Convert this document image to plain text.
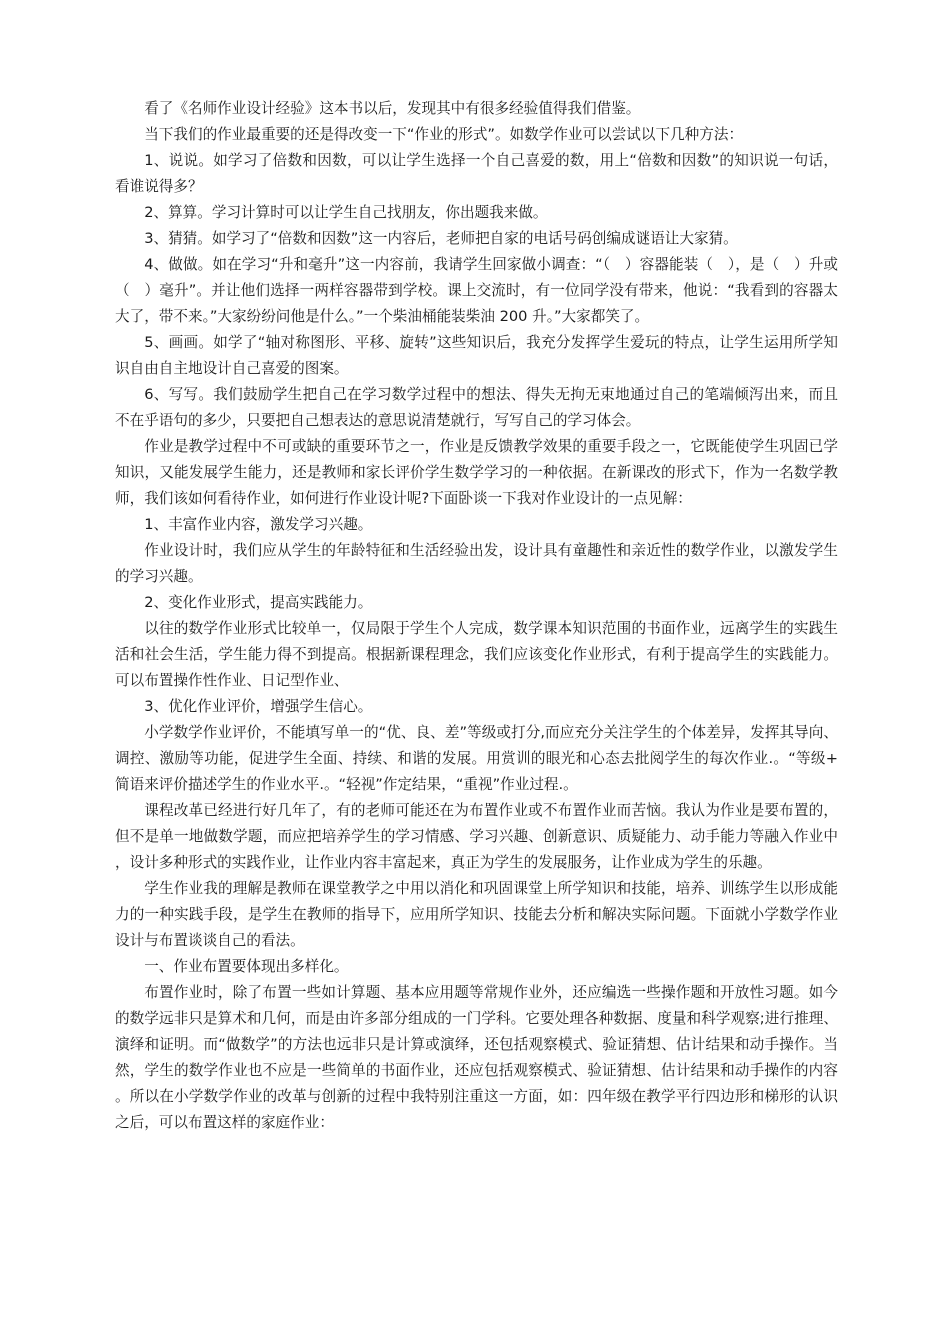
看了《名师作业设计经验》这本书以后，发现其中有很多经验值得我们借鉴。

当下我们的作业最重要的还是得改变一下“作业的形式”。如数学作业可以尝试以下几种方法：

1、说说。如学习了倍数和因数，可以让学生选择一个自己喜爱的数，用上“倍数和因数”的知识说一句话，看谁说得多？

2、算算。学习计算时可以让学生自己找朋友，你出题我来做。

3、猜猜。如学习了“倍数和因数”这一内容后，老师把自家的电话号码创编成谜语让大家猜。

4、做做。如在学习“升和毫升”这一内容前，我请学生回家做小调查：“（　）容器能装（　），是（　）升或（　）毫升”。并让他们选择一两样容器带到学校。课上交流时，有一位同学没有带来，他说：“我看到的容器太大了，带不来。”大家纷纷问他是什么。”一个柴油桶能装柴油 200 升。”大家都笑了。

5、画画。如学了“轴对称图形、平移、旋转”这些知识后，我充分发挥学生爱玩的特点，让学生运用所学知识自由自主地设计自己喜爱的图案。

6、写写。我们鼓励学生把自己在学习数学过程中的想法、得失无拘无束地通过自己的笔端倾泻出来，而且不在乎语句的多少，只要把自己想表达的意思说清楚就行，写写自己的学习体会。

作业是教学过程中不可或缺的重要环节之一，作业是反馈教学效果的重要手段之一，它既能使学生巩固已学知识，又能发展学生能力，还是教师和家长评价学生数学学习的一种依据。在新课改的形式下，作为一名数学教师，我们该如何看待作业，如何进行作业设计呢?下面卧谈一下我对作业设计的一点见解：

1、丰富作业内容，激发学习兴趣。

作业设计时，我们应从学生的年龄特征和生活经验出发，设计具有童趣性和亲近性的数学作业，以激发学生的学习兴趣。

2、变化作业形式，提高实践能力。

以往的数学作业形式比较单一，仅局限于学生个人完成，数学课本知识范围的书面作业，远离学生的实践生活和社会生活，学生能力得不到提高。根据新课程理念，我们应该变化作业形式，有利于提高学生的实践能力。可以布置操作性作业、日记型作业、

3、优化作业评价，增强学生信心。

小学数学作业评价，不能填写单一的“优、良、差”等级或打分,而应充分关注学生的个体差异，发挥其导向、调控、激励等功能，促进学生全面、持续、和谐的发展。用赏训的眼光和心态去批阅学生的每次作业.。“等级+简语来评价描述学生的作业水平.。“轻视”作定结果，“重视”作业过程.。

课程改革已经进行好几年了，有的老师可能还在为布置作业或不布置作业而苦恼。我认为作业是要布置的，但不是单一地做数学题，而应把培养学生的学习情感、学习兴趣、创新意识、质疑能力、动手能力等融入作业中，设计多种形式的实践作业，让作业内容丰富起来，真正为学生的发展服务，让作业成为学生的乐趣。

学生作业我的理解是教师在课堂教学之中用以消化和巩固课堂上所学知识和技能，培养、训练学生以形成能力的一种实践手段，是学生在教师的指导下，应用所学知识、技能去分析和解决实际问题。下面就小学数学作业设计与布置谈谈自己的看法。

一、作业布置要体现出多样化。

布置作业时，除了布置一些如计算题、基本应用题等常规作业外，还应编选一些操作题和开放性习题。如今的数学远非只是算术和几何，而是由许多部分组成的一门学科。它要处理各种数据、度量和科学观察;进行推理、演绎和证明。而“做数学”的方法也远非只是计算或演绎，还包括观察模式、验证猜想、估计结果和动手操作。当然，学生的数学作业也不应是一些简单的书面作业，还应包括观察模式、验证猜想、估计结果和动手操作的内容。所以在小学数学作业的改革与创新的过程中我特别注重这一方面，如：四年级在教学平行四边形和梯形的认识之后，可以布置这样的家庭作业：
